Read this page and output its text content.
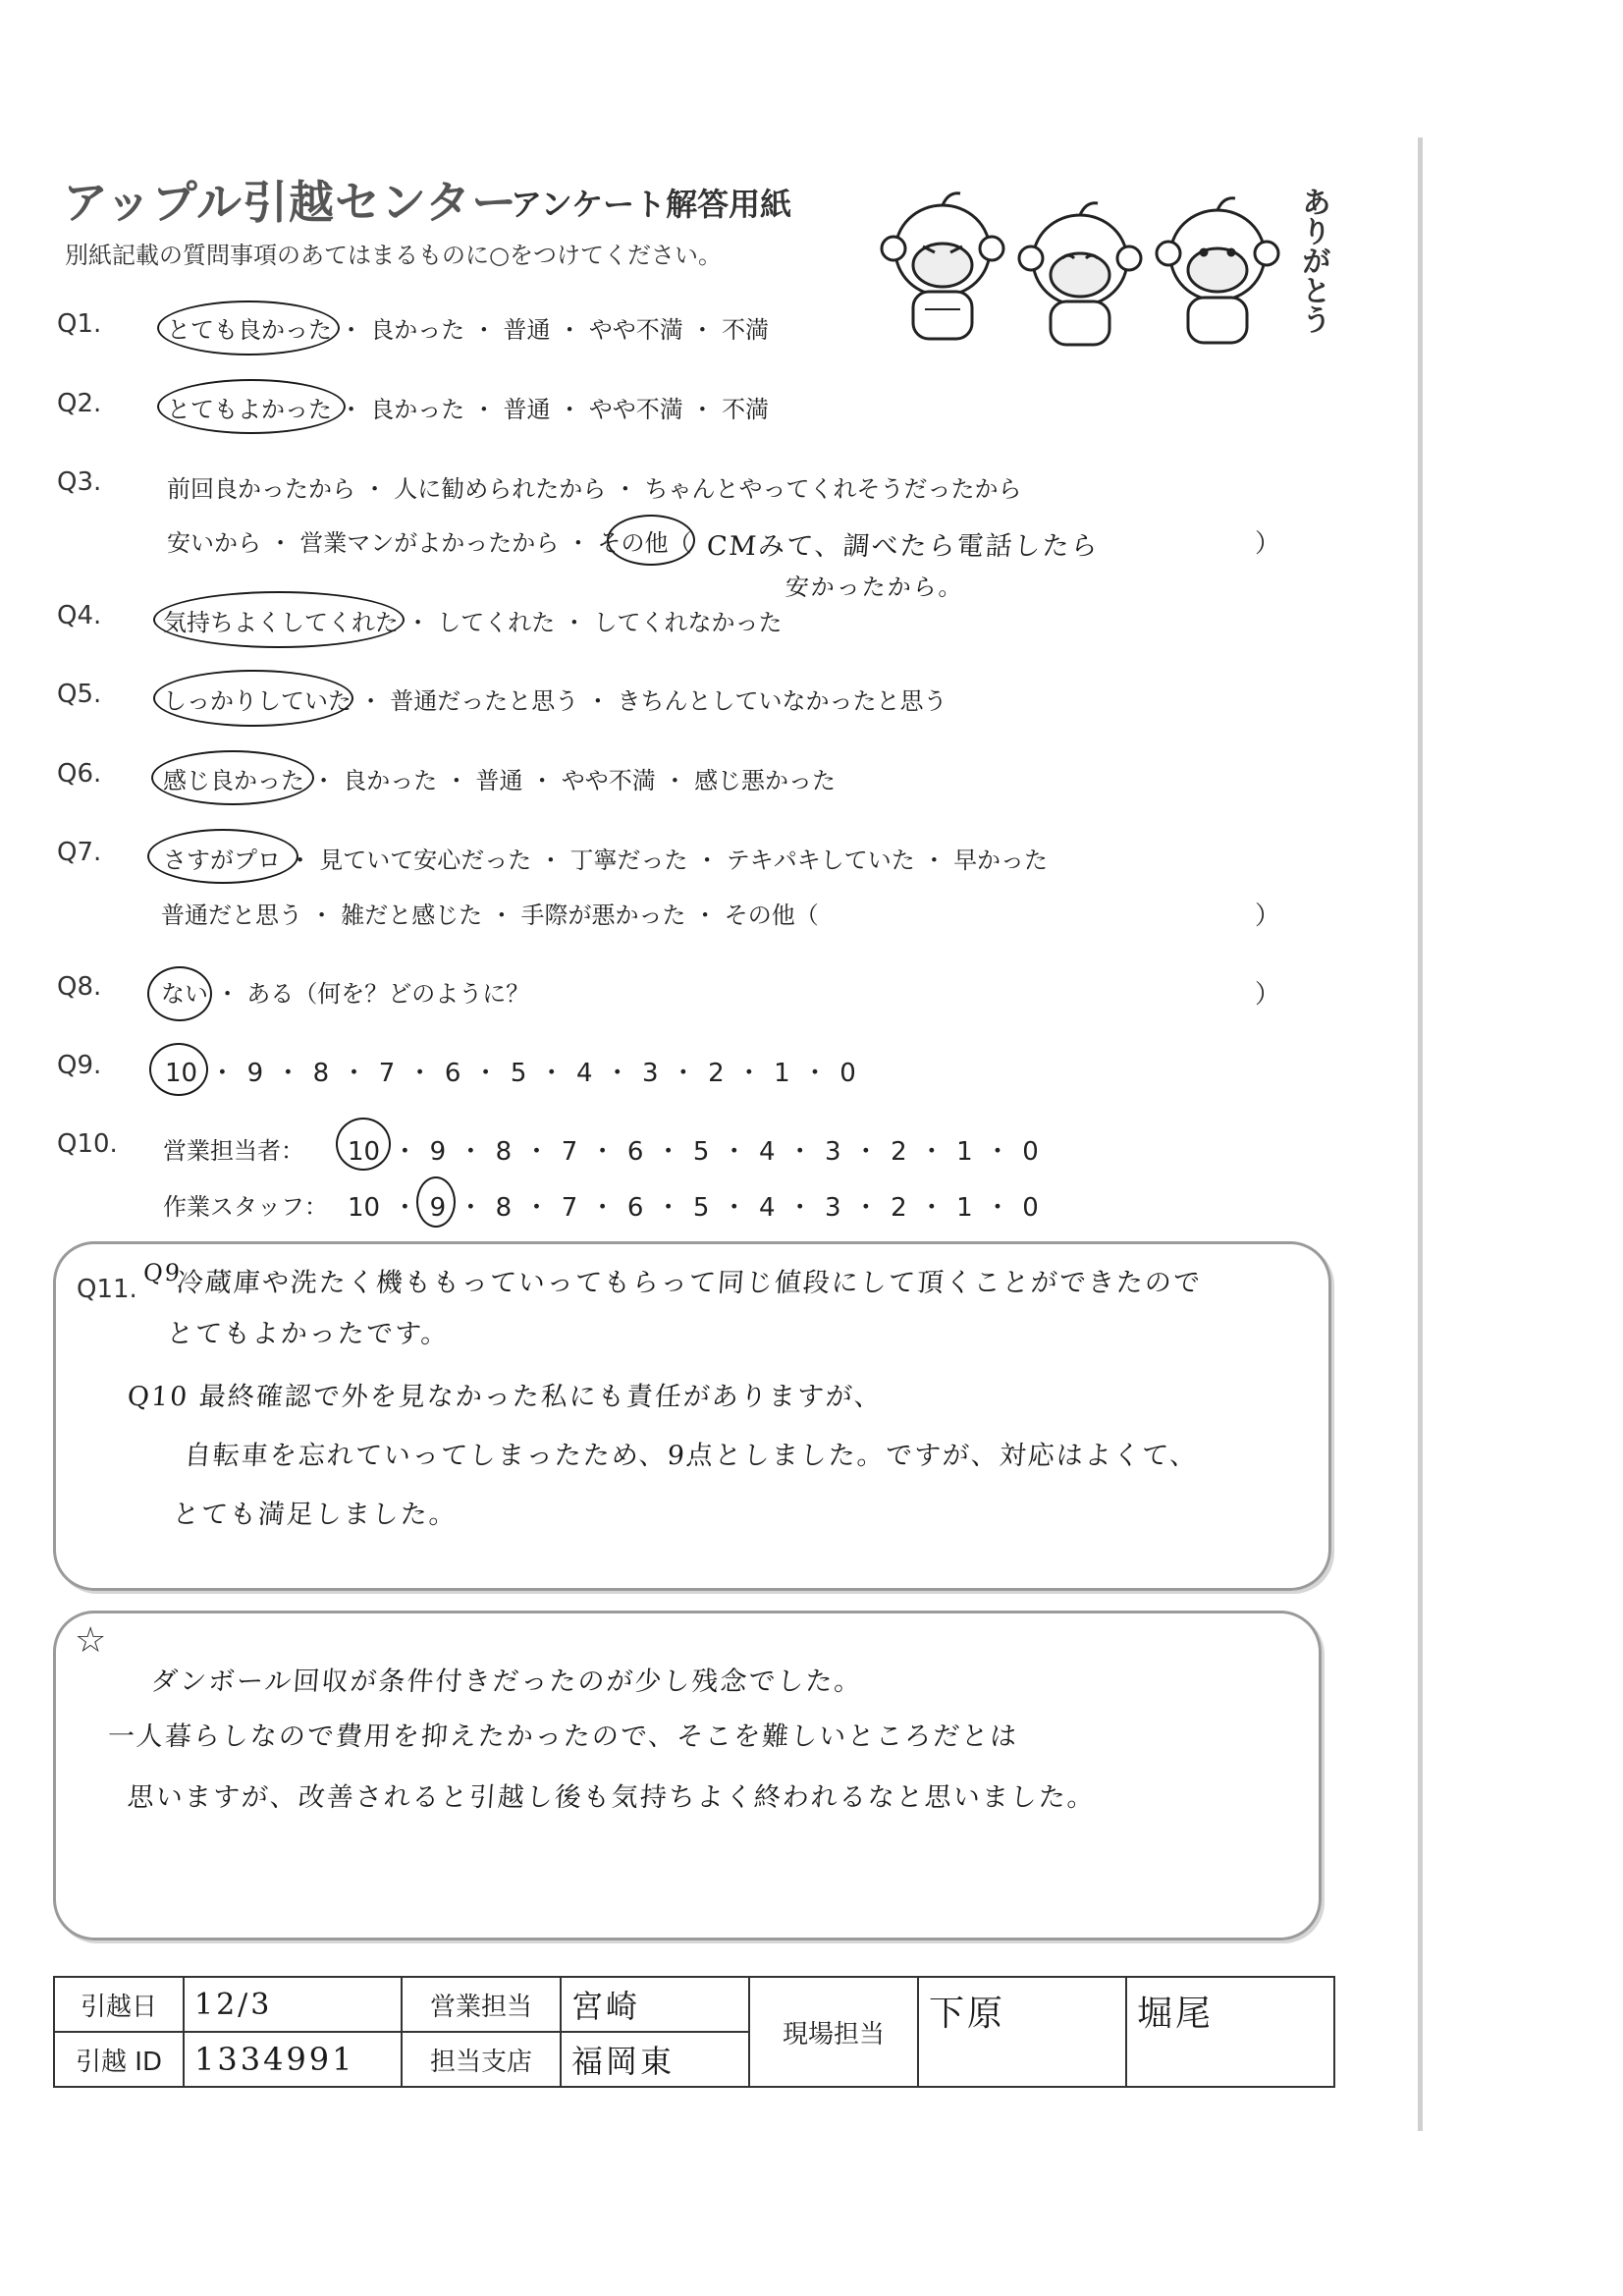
アップル引越センター
アンケート解答用紙
別紙記載の質問事項のあてはまるものに○をつけてください。	ありがとう
Q1.	とても良かった ・ 良かった ・ 普通 ・ やや不満 ・ 不満
Q2.	とてもよかった ・ 良かった ・ 普通 ・ やや不満 ・ 不満
Q3.	前回良かったから ・ 人に勧められたから ・ ちゃんとやってくれそうだったから
安いから ・ 営業マンがよかったから ・ その他（ CMみて、調べたら電話したら
安かったから。
）
Q4.	気持ちよくしてくれた ・ してくれた ・ してくれなかった
Q5.	しっかりしていた ・ 普通だったと思う ・ きちんとしていなかったと思う
Q6.	感じ良かった ・ 良かった ・ 普通 ・ やや不満 ・ 感じ悪かった
Q7.	さすがプロ ・ 見ていて安心だった ・ 丁寧だった ・ テキパキしていた ・ 早かった
普通だと思う ・ 雑だと感じた ・ 手際が悪かった ・ その他（	）
Q8.	ない ・ ある（何を？どのように？	）
Q9. 10 ・ 9 ・ 8 ・ 7 ・ 6 ・ 5 ・ 4 ・ 3 ・ 2 ・ 1 ・ 0
Q10. 営業担当者： 10 ・ 9 ・ 8 ・ 7 ・ 6 ・ 5 ・ 4 ・ 3 ・ 2 ・ 1 ・ 0
作業スタッフ： 10 ・ 9 ・ 8 ・ 7 ・ 6 ・ 5 ・ 4 ・ 3 ・ 2 ・ 1 ・ 0
Q11.
Q9
冷蔵庫や洗たく機ももっていってもらって同じ値段にして頂くことができたので
とてもよかったです。
Q10 最終確認で外を見なかった私にも責任がありますが、
自転車を忘れていってしまったため、9点としました。ですが、対応はよくて、
とても満足しました。
☆
ダンボール回収が条件付きだったのが少し残念でした。
一人暮らしなので費用を抑えたかったので、そこを難しいところだとは
思いますが、改善されると引越し後も気持ちよく終われるなと思いました。
引越日	12/3	営業担当	宮崎	現場担当	下原	堀尾
引越 ID	1334991	担当支店	福岡東			
